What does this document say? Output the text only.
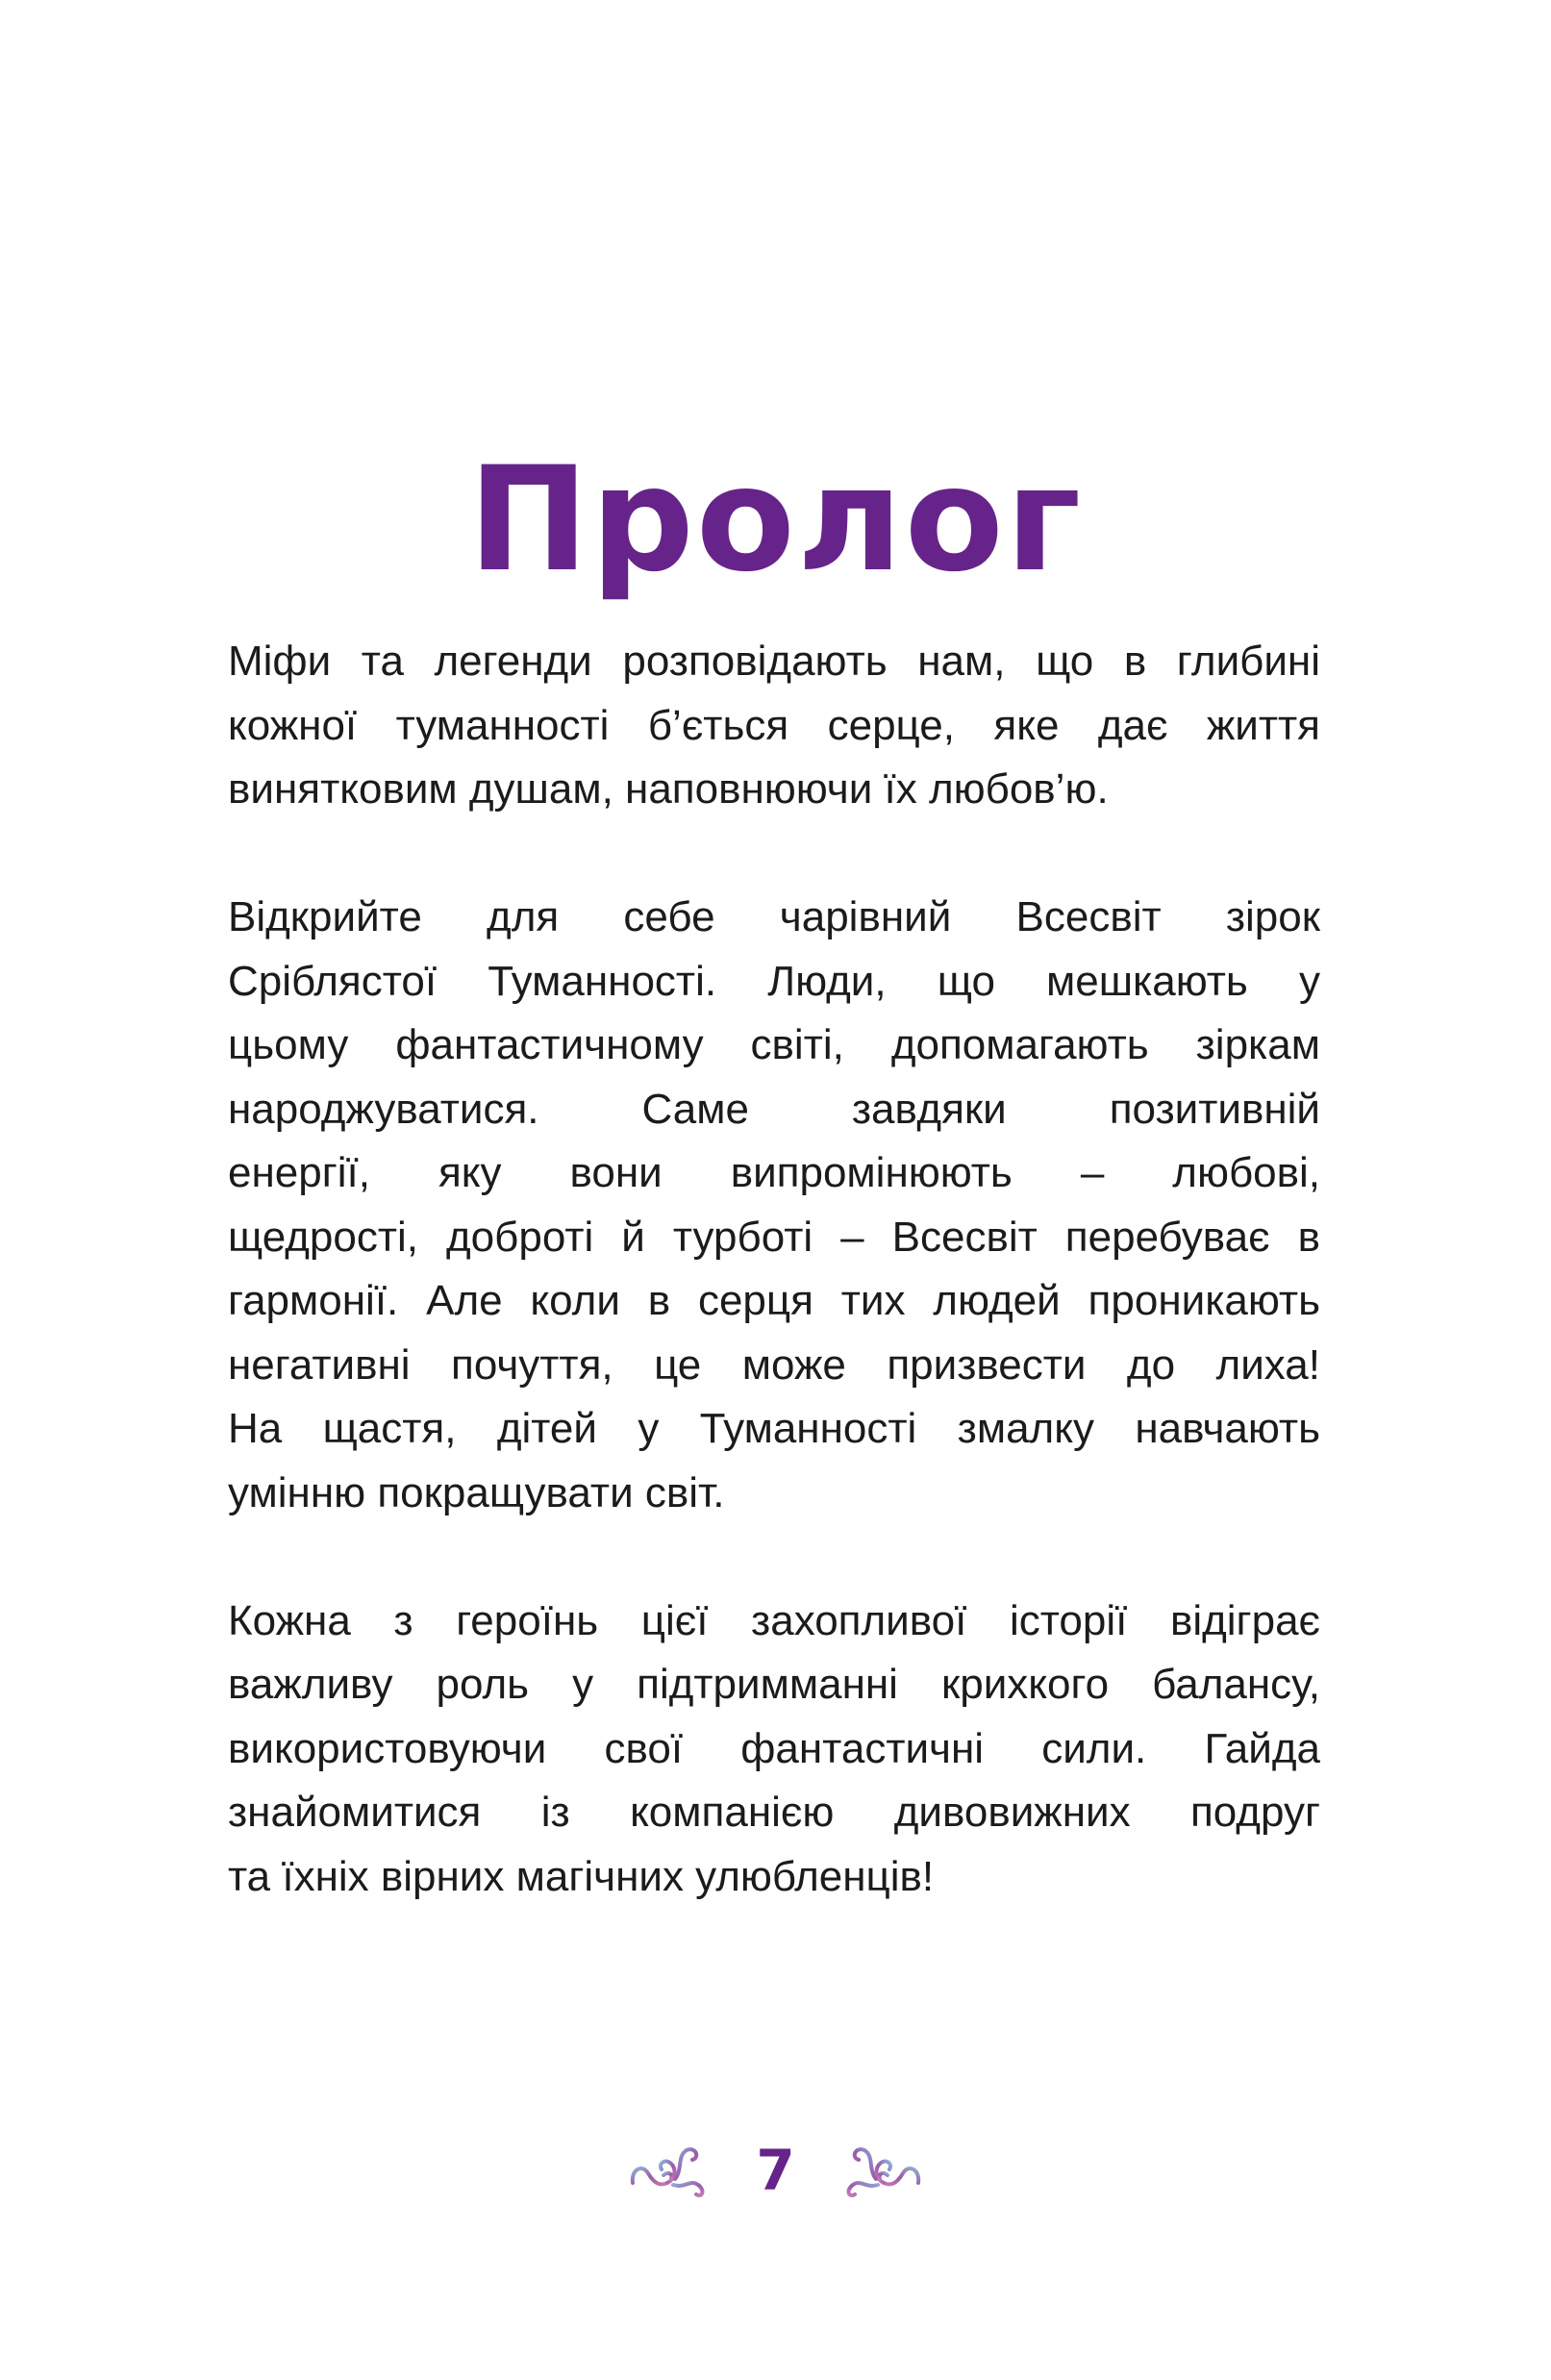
Пролог

Міфи та легенди розповідають нам, що в глибині
кожної туманності б’ється серце, яке дає життя
винятковим душам, наповнюючи їх любов’ю.

Відкрийте для себе чарівний Всесвіт зірок
Сріблястої Туманності. Люди, що мешкають у
цьому фантастичному світі, допомагають зіркам
народжуватися. Саме завдяки позитивній
енергії, яку вони випромінюють – любові,
щедрості, доброті й турботі – Всесвіт перебуває в
гармонії. Але коли в серця тих людей проникають
негативні почуття, це може призвести до лиха!
На щастя, дітей у Туманності змалку навчають
умінню покращувати світ.

Кожна з героїнь цієї захопливої історії відіграє
важливу роль у підтримманні крихкого балансу,
використовуючи свої фантастичні сили. Гайда
знайомитися із компанією дивовижних подруг
та їхніх вірних магічних улюбленців!

7
